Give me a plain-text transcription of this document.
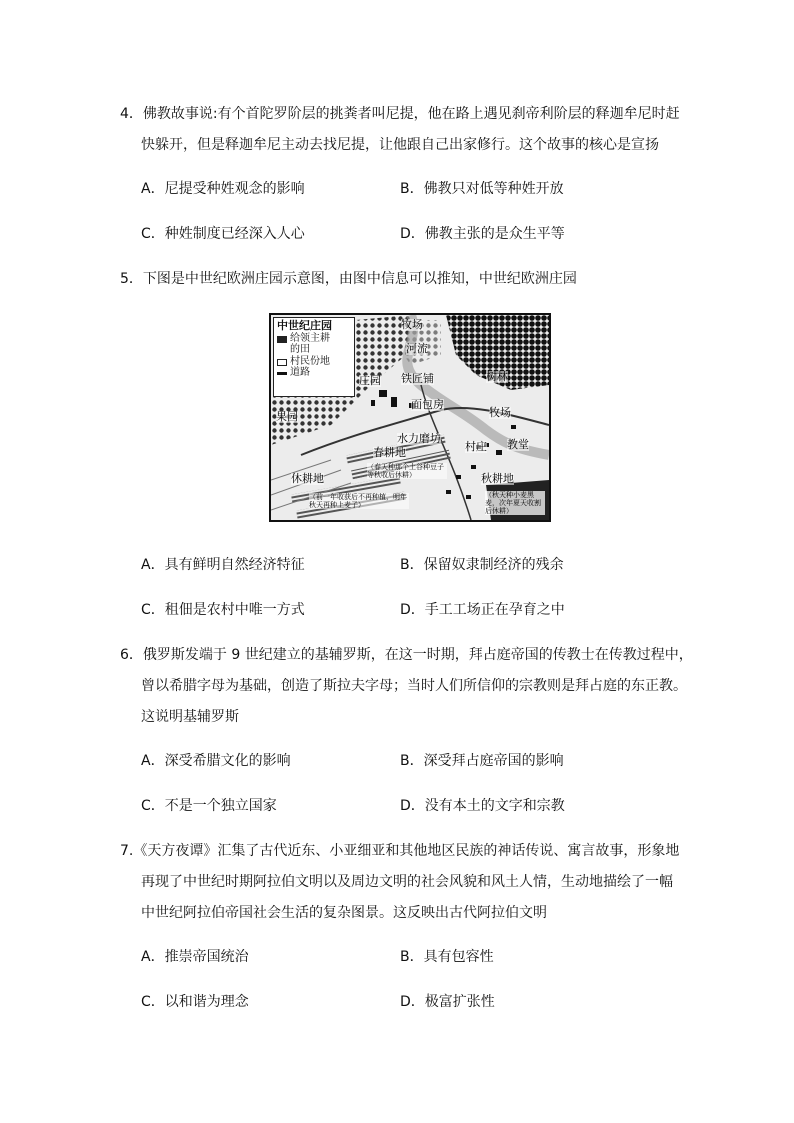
4．佛教故事说:有个首陀罗阶层的挑粪者叫尼提，他在路上遇见刹帝利阶层的释迦牟尼时赶
快躲开，但是释迦牟尼主动去找尼提，让他跟自己出家修行。这个故事的核心是宣扬
A．尼提受种姓观念的影响	B．佛教只对低等种姓开放
C．种姓制度已经深入人心	D．佛教主张的是众生平等
5．下图是中世纪欧洲庄园示意图，由图中信息可以推知，中世纪欧洲庄园
中世纪庄园
给领主耕的田
村民份地
道路
牧场
河流
庄园 铁匠铺
面包房
树林
果园	牧场
水力磨坊
村庄 教堂
春耕地
（春天种那个土谷种豆子等秋收后休耕）
休耕地
（前一年收获后不再种植，明年秋天再种上麦子）
秋耕地
（秋天种小麦黑麦，次年夏天收割后休耕）
A．具有鲜明自然经济特征	B．保留奴隶制经济的残余
C．租佃是农村中唯一方式	D．手工工场正在孕育之中
6．俄罗斯发端于 9 世纪建立的基辅罗斯，在这一时期，拜占庭帝国的传教士在传教过程中，
曾以希腊字母为基础，创造了斯拉夫字母；当时人们所信仰的宗教则是拜占庭的东正教。
这说明基辅罗斯
A．深受希腊文化的影响	B．深受拜占庭帝国的影响
C．不是一个独立国家	D．没有本土的文字和宗教
7.《天方夜谭》汇集了古代近东、小亚细亚和其他地区民族的神话传说、寓言故事，形象地
再现了中世纪时期阿拉伯文明以及周边文明的社会风貌和风土人情，生动地描绘了一幅
中世纪阿拉伯帝国社会生活的复杂图景。这反映出古代阿拉伯文明
A．推崇帝国统治	B．具有包容性
C．以和谐为理念	D．极富扩张性
